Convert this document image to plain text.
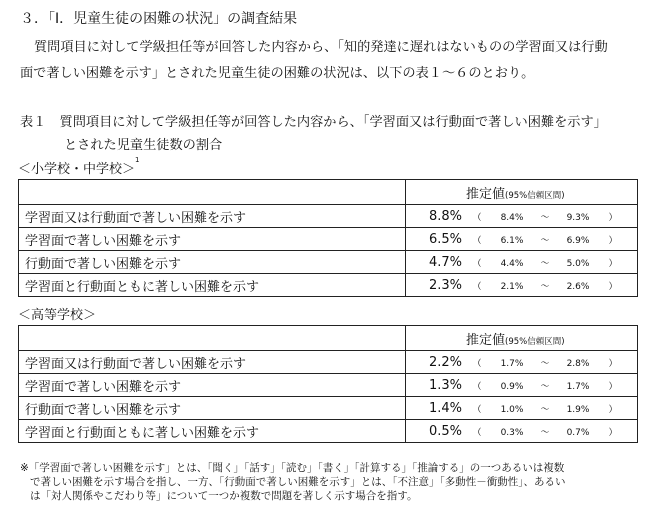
３．「Ⅰ．児童生徒の困難の状況」の調査結果
質問項目に対して学級担任等が回答した内容から、「知的発達に遅れはないものの学習面又は行動
面で著しい困難を示す」とされた児童生徒の困難の状況は、以下の表１～６のとおり。
表１　質問項目に対して学級担任等が回答した内容から、「学習面又は行動面で著しい困難を示す」
とされた児童生徒数の割合
＜小学校・中学校＞$^1$
	推定値(95%信頼区間)
学習面又は行動面で著しい困難を示す	8.8% （ 8.4% ～ 9.3% ）
学習面で著しい困難を示す	6.5% （ 6.1% ～ 6.9% ）
行動面で著しい困難を示す	4.7% （ 4.4% ～ 5.0% ）
学習面と行動面ともに著しい困難を示す	2.3% （ 2.1% ～ 2.6% ）
＜高等学校＞
	推定値(95%信頼区間)
学習面又は行動面で著しい困難を示す	2.2% （ 1.7% ～ 2.8% ）
学習面で著しい困難を示す	1.3% （ 0.9% ～ 1.7% ）
行動面で著しい困難を示す	1.4% （ 1.0% ～ 1.9% ）
学習面と行動面ともに著しい困難を示す	0.5% （ 0.3% ～ 0.7% ）
※「学習面で著しい困難を示す」とは、「聞く」「話す」「読む」「書く」「計算する」「推論する」の一つあるいは複数
で著しい困難を示す場合を指し、一方、「行動面で著しい困難を示す」とは、「不注意」「多動性－衝動性」、あるい
は「対人関係やこだわり等」について一つか複数で問題を著しく示す場合を指す。
